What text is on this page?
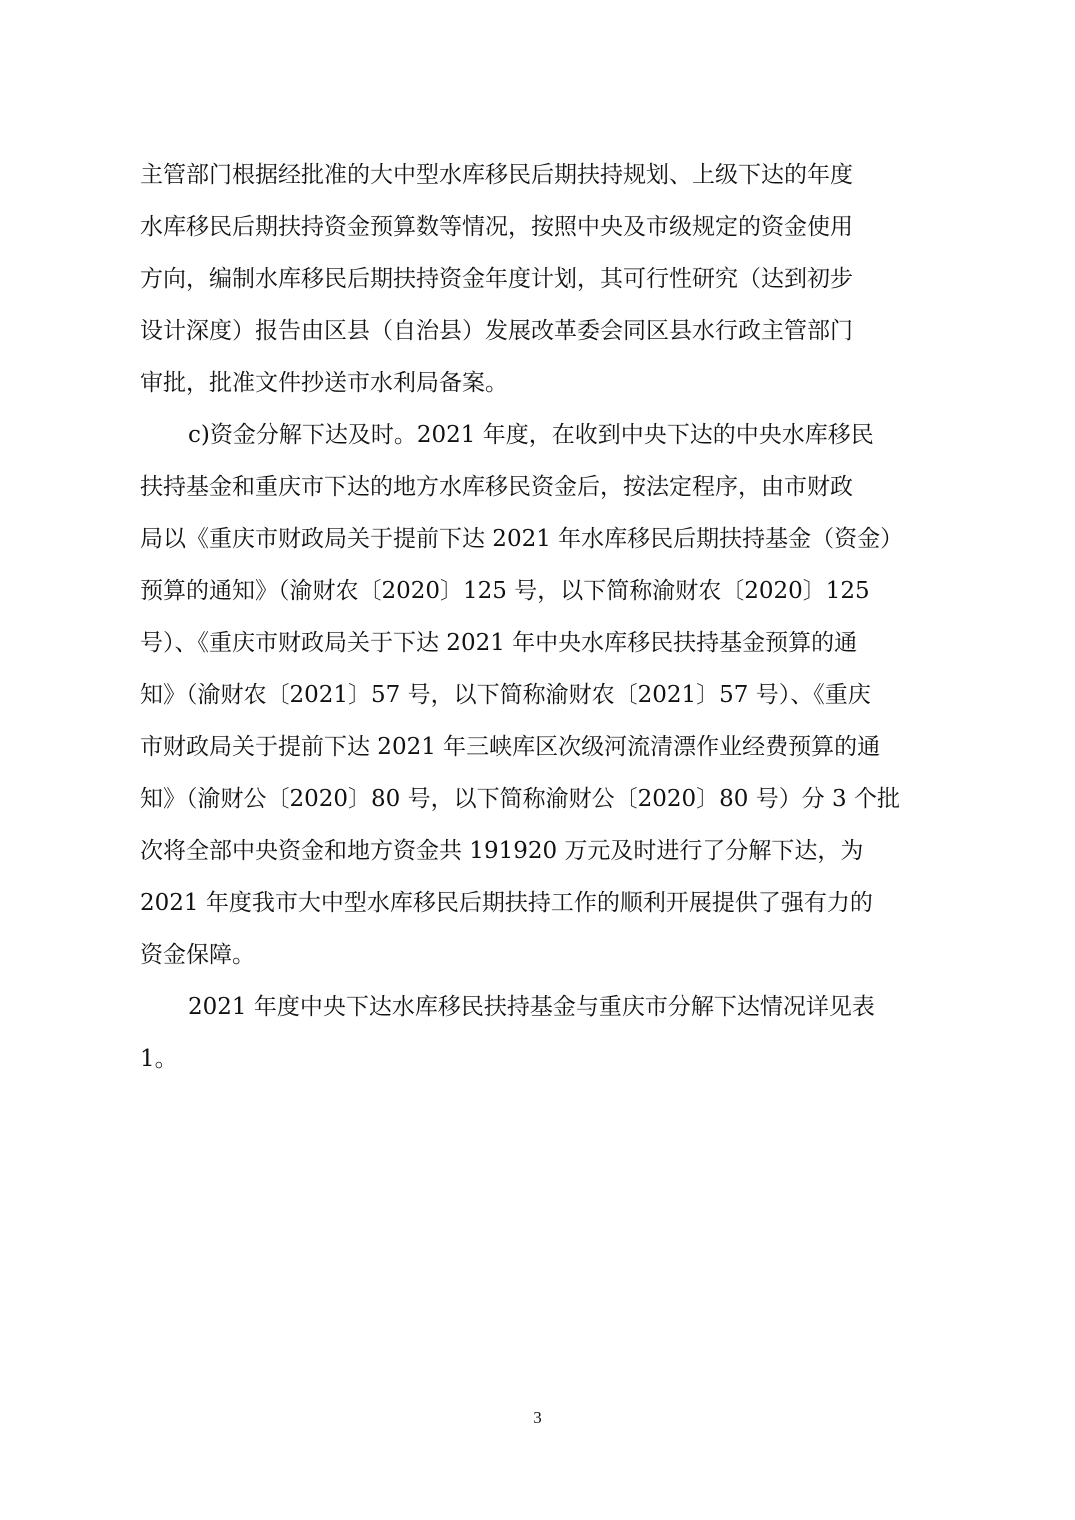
主管部门根据经批准的大中型水库移民后期扶持规划、上级下达的年度
水库移民后期扶持资金预算数等情况，按照中央及市级规定的资金使用
方向，编制水库移民后期扶持资金年度计划，其可行性研究（达到初步
设计深度）报告由区县（自治县）发展改革委会同区县水行政主管部门
审批，批准文件抄送市水利局备案。
c)资金分解下达及时。2021 年度，在收到中央下达的中央水库移民
扶持基金和重庆市下达的地方水库移民资金后，按法定程序，由市财政
局以《重庆市财政局关于提前下达 2021 年水库移民后期扶持基金（资金）
预算的通知》（渝财农〔2020〕125 号，以下简称渝财农〔2020〕125
号）、《重庆市财政局关于下达 2021 年中央水库移民扶持基金预算的通
知》（渝财农〔2021〕57 号，以下简称渝财农〔2021〕57 号）、《重庆
市财政局关于提前下达 2021 年三峡库区次级河流清漂作业经费预算的通
知》（渝财公〔2020〕80 号，以下简称渝财公〔2020〕80 号）分 3 个批
次将全部中央资金和地方资金共 191920 万元及时进行了分解下达，为
2021 年度我市大中型水库移民后期扶持工作的顺利开展提供了强有力的
资金保障。
2021 年度中央下达水库移民扶持基金与重庆市分解下达情况详见表
1。
3
